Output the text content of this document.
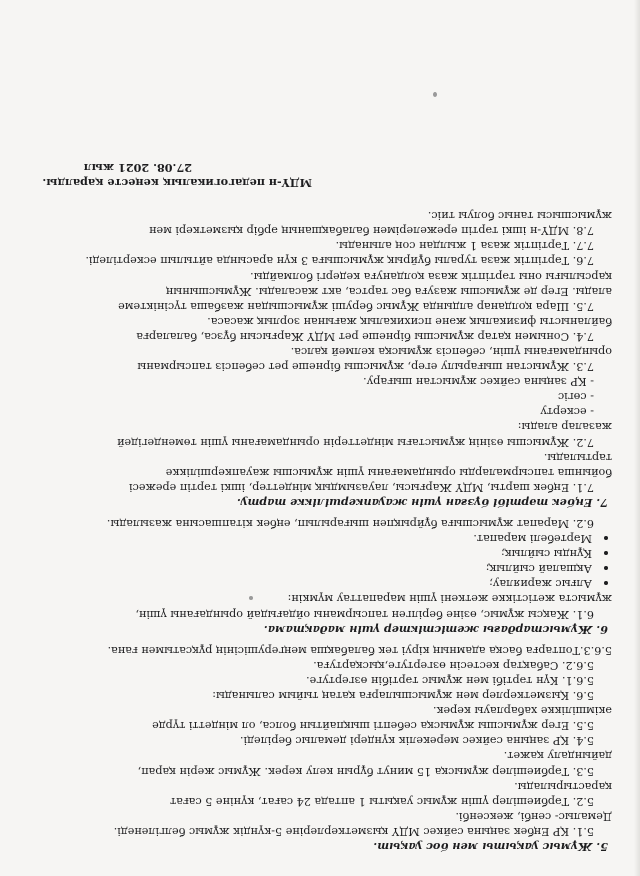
5. Жұмыс уақыты мен бос уақыт.
5.1. ҚР Еңбек заңына сәйкес МДҮ қызметкерлеріне 5-күндік жұмыс белгіленеді.
Демалыс- сенбі, жексенбі.
5.2. Тәрбиешілер үшін жұмыс уақыты 1 аптада 24 сағат, күніне 5 сағат
қарастырылады.
5.3. Тәрбиешілер жұмысқа 15 минут бұрын келу керек. Жұмыс жерін қарап,
дайындалу қажет.
5.4. ҚР заңына сәйкес мерекелік күндері демалыс беріледі.
5.5. Егер жұмысшы жұмысқа себепті шықпайтын болса, ол міндетті түрде
әкімшілікке хабарлауы керек.
5.6. Қызметкерлер мен жұмысшыларға қатаң тыйым салынады:
5.6.1. Күн тәртібі мен жұмыс тәртібін өзгертуге.
5.6.2. Сабақтар кестесін өзгертуге,қысқартуға.
5.6.3.Топтарға басқа адамның кіруі тек балабақша меңгерушісінің рұқсатымен ғана.
6. Жұмыстардағы жетістіктер үшін мадақтама.
6.1. Жақсы жұмыс, өзіне берілген тапсырманы ойдағыдай орындағаны үшін,
жұмыста жетістікке жеткені үшін марапаттау мүмкін:
Алғыс жариялау;
Ақшалай сыйлық;
Құнды сыйлық;
Мәртебелі марапат.
6.2. Марапат жұмысшыға бұйрықпен шығарылып, еңбек кітапшасына жазылады.
7. Еңбек тәртібі бұзған үшін жауапкершілікке тарту.
7.1. Еңбек шарты, МДҮ Жарғысы, лауазымдық міндеттер, ішкі тәртіп ережесі
бойынша тапсырмаларды орындамағаны үшін жұмысшы жауапкершілікке
тартылады.
7.2. Жұмысшы өзінің жұмыстағы міндеттерін орындамағаны үшін төмендегідей
жазалар алады:
- ескерту
- сөгіс
- ҚР заңына сәйкес жұмыстан шығару.
7.3. Жұмыстан шығарылу егер, жұмысшы бірнеше рет себепсіз тапсырманы
орындамағаны үшін, себепсіз жұмысқа келмей қалса.
7.4. Сонымен қатар жұмысшы бірнеше рет МДҮ Жарғысын бұзса, балаларға
байланысты физикалық және психикалық жағынан зорлық жасаса.
7.5. Шара қолданар алдында Жұмыс беруші жұмысшыдан жазбаша түсініктеме
алады. Егер де жұмысшы жазуға бас тартса, акт жасалады. Жұмысшының
қарсылығы оны тәртіптік жаза қолдануға кедергі болмайды.
7.6. Тәртіптік жаза туралы бұйрық жұмысшыға 3 күн арасында айтылып ескертіледі.
7.7. Тәртіптік жаза 1 жылдан соң алынады.
7.8. МДҮ-н ішкі тәртіп ережелерімен балабақшаның әрбір қызметкері мен
жұмысшысы таныс болуы тиіс.
МДҮ-н педагогикалық кеңесте қаралды.
27.08. 2021 жыл
